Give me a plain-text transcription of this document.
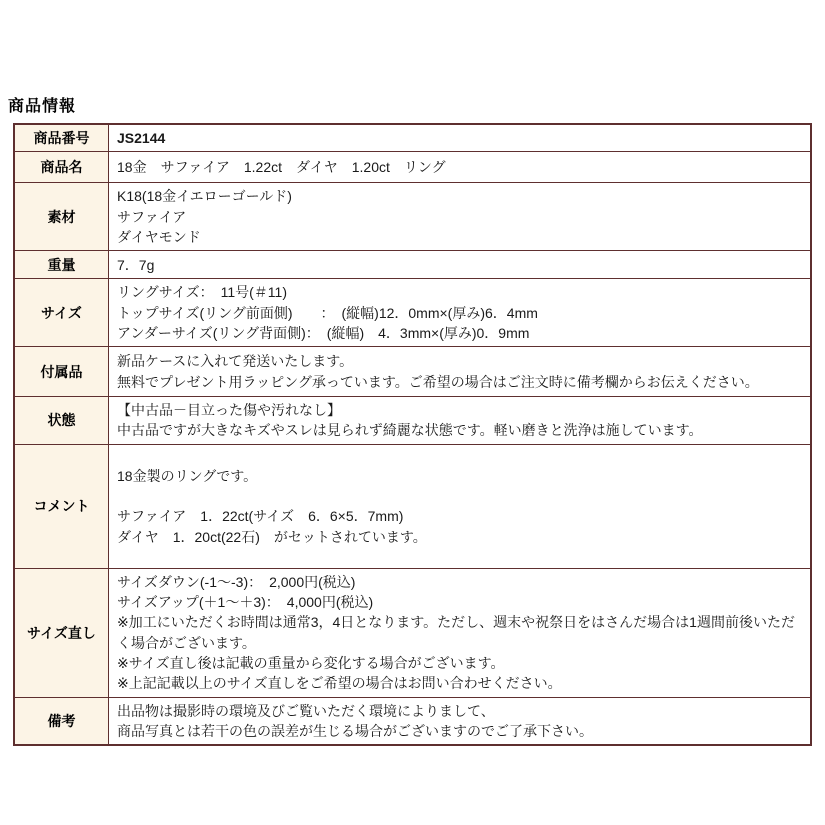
商品情報
商品番号	JS2144

商品名	18金　サファイア　1.22ct　ダイヤ　1.20ct　リング

素材	K18(18金イエローゴールド)
サファイア
ダイヤモンド

重量	7．7g

サイズ	リングサイズ：　11号(＃11)
トップサイズ(リング前面側)　　：　(縦幅)12．0mm×(厚み)6．4mm
アンダーサイズ(リング背面側)：　(縦幅)　4．3mm×(厚み)0．9mm

付属品	新品ケースに入れて発送いたします。
無料でプレゼント用ラッピング承っています。ご希望の場合はご注文時に備考欄からお伝えください。

状態	【中古品－目立った傷や汚れなし】
中古品ですが大きなキズやスレは見られず綺麗な状態です。軽い磨きと洗浄は施しています。

コメント	18金製のリングです。
サファイア　1．22ct(サイズ　6．6×5．7mm)
ダイヤ　1．20ct(22石)　がセットされています。

サイズ直し	サイズダウン(-1～-3)：　2,000円(税込)
サイズアップ(＋1～＋3)：　4,000円(税込)
※加工にいただくお時間は通常3，4日となります。ただし、週末や祝祭日をはさんだ場合は1週間前後いただく場合がございます。
※サイズ直し後は記載の重量から変化する場合がございます。
※上記記載以上のサイズ直しをご希望の場合はお問い合わせください。

備考	出品物は撮影時の環境及びご覧いただく環境によりまして、
商品写真とは若干の色の誤差が生じる場合がございますのでご了承下さい。
